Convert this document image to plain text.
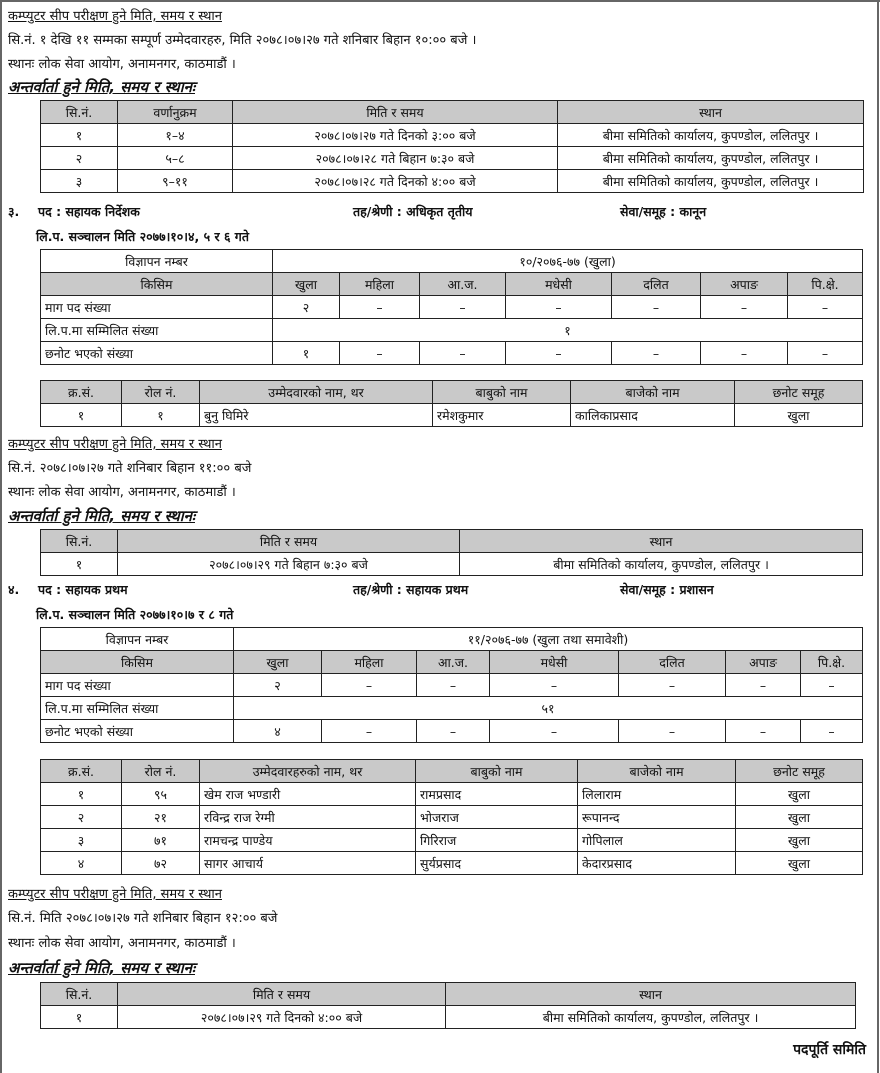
कम्प्युटर सीप परीक्षण हुने मिति, समय र स्थान
सि.नं. १ देखि ११ सम्मका सम्पूर्ण उम्मेदवारहरु, मिति २०७८।०७।२७ गते शनिबार बिहान १०:०० बजे ।
स्थानः लोक सेवा आयोग, अनामनगर, काठमाडौं ।
अन्तर्वार्ता हुने मिति, समय र स्थानः
सि.नं.	वर्णानुक्रम	मिति र समय	स्थान
१	१–४	२०७८।०७।२७ गते दिनको ३:०० बजे	बीमा समितिको कार्यालय, कुपण्डोल, ललितपुर ।
२	५–८	२०७८।०७।२८ गते बिहान ७:३० बजे	बीमा समितिको कार्यालय, कुपण्डोल, ललितपुर ।
३	९–११	२०७८।०७।२८ गते दिनको ४:०० बजे	बीमा समितिको कार्यालय, कुपण्डोल, ललितपुर ।
३. पद : सहायक निर्देशक	तह/श्रेणी : अधिकृत तृतीय	सेवा/समूह : कानून
लि.प. सञ्चालन मिति २०७७।१०।४, ५ र ६ गते
विज्ञापन नम्बर	१०/२०७६-७७ (खुला)						
किसिम	खुला	महिला	आ.ज.	मधेसी	दलित	अपाङ	पि.क्षे.
माग पद संख्या	२	–	–	–	–	–	–
लि.प.मा सम्मिलित संख्या	१						
छनोट भएको संख्या	१	–	–	–	–	–	–
क्र.सं.	रोल नं.	उम्मेदवारको नाम, थर	बाबुको नाम	बाजेको नाम	छनोट समूह
१	१	बुनु घिमिरे	रमेशकुमार	कालिकाप्रसाद	खुला
कम्प्युटर सीप परीक्षण हुने मिति, समय र स्थान
सि.नं. २०७८।०७।२७ गते शनिबार बिहान ११:०० बजे
स्थानः लोक सेवा आयोग, अनामनगर, काठमाडौं ।
अन्तर्वार्ता हुने मिति, समय र स्थानः
सि.नं.	मिति र समय	स्थान
१	२०७८।०७।२९ गते बिहान ७:३० बजे	बीमा समितिको कार्यालय, कुपण्डोल, ललितपुर ।
४. पद : सहायक प्रथम	तह/श्रेणी : सहायक प्रथम	सेवा/समूह : प्रशासन
लि.प. सञ्चालन मिति २०७७।१०।७ र ८ गते
विज्ञापन नम्बर	११/२०७६-७७ (खुला तथा समावेशी)						
किसिम	खुला	महिला	आ.ज.	मधेसी	दलित	अपाङ	पि.क्षे.
माग पद संख्या	२	–	–	–	–	–	–
लि.प.मा सम्मिलित संख्या	५१						
छनोट भएको संख्या	४	–	–	–	–	–	–
क्र.सं.	रोल नं.	उम्मेदवारहरुको नाम, थर	बाबुको नाम	बाजेको नाम	छनोट समूह
१	९५	खेम राज भण्डारी	रामप्रसाद	लिलाराम	खुला
२	२१	रविन्द्र राज रेग्मी	भोजराज	रूपानन्द	खुला
३	७१	रामचन्द्र पाण्डेय	गिरिराज	गोपिलाल	खुला
४	७२	सागर आचार्य	सुर्यप्रसाद	केदारप्रसाद	खुला
कम्प्युटर सीप परीक्षण हुने मिति, समय र स्थान
सि.नं. मिति २०७८।०७।२७ गते शनिबार बिहान १२:०० बजे
स्थानः लोक सेवा आयोग, अनामनगर, काठमाडौं ।
अन्तर्वार्ता हुने मिति, समय र स्थानः
सि.नं.	मिति र समय	स्थान
१	२०७८।०७।२९ गते दिनको ४:०० बजे	बीमा समितिको कार्यालय, कुपण्डोल, ललितपुर ।
पदपूर्ति समिति
